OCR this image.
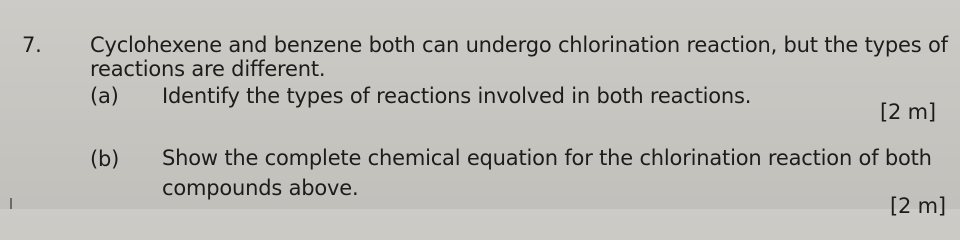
7. Cyclohexene and benzene both can undergo chlorination reaction, but the types of
reactions are different.
(a) Identify the types of reactions involved in both reactions.
[2 m]
(b) Show the complete chemical equation for the chlorination reaction of both
compounds above.
[2 m]
